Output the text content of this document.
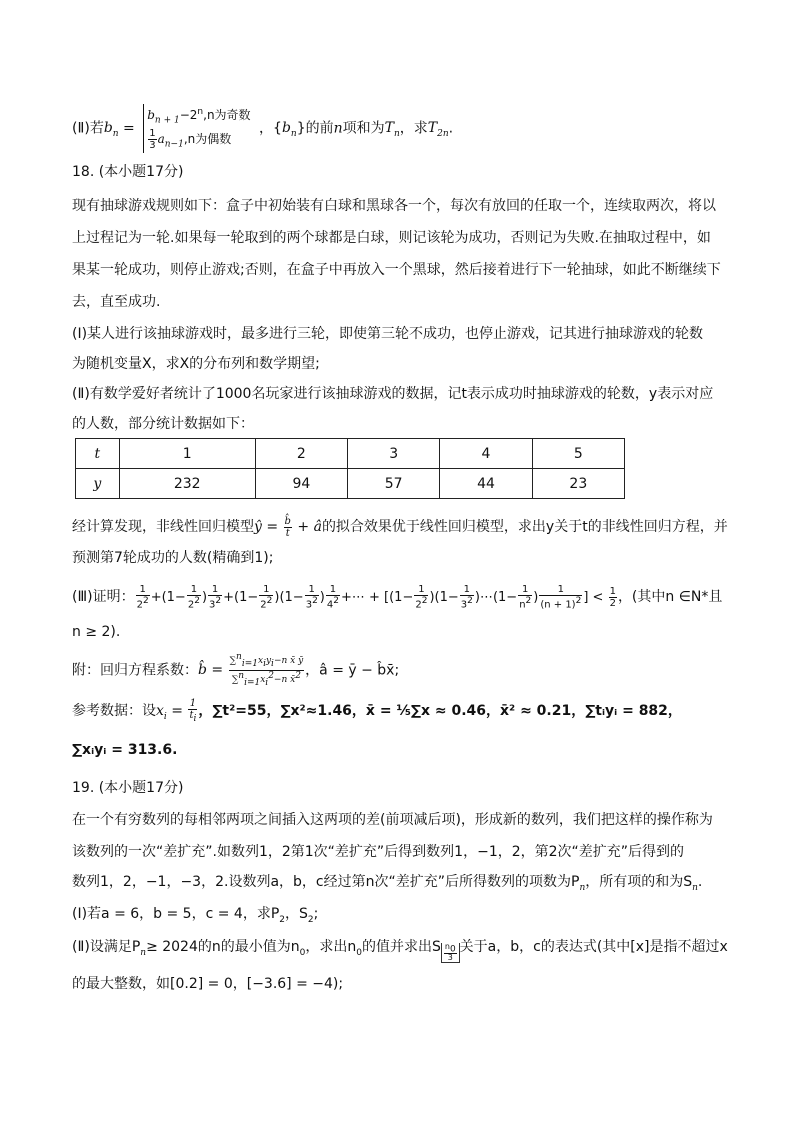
(Ⅱ)若$b_n$ =
$b_{n + 1}-2^n,n$为奇数
$\frac{1}{3} a_{n-1},n$为偶数
，$\{b_n\}$的前n项和为$T_n$，求$T_{2n}$.
18. (本小题17分)
现有抽球游戏规则如下：盒子中初始装有白球和黑球各一个，每次有放回的任取一个，连续取两次，将以
上过程记为一轮.如果每一轮取到的两个球都是白球，则记该轮为成功，否则记为失败.在抽取过程中，如
果某一轮成功，则停止游戏;否则，在盒子中再放入一个黑球，然后接着进行下一轮抽球，如此不断继续下
去，直至成功.
(Ⅰ)某人进行该抽球游戏时，最多进行三轮，即使第三轮不成功，也停止游戏，记其进行抽球游戏的轮数
为随机变量X，求X的分布列和数学期望;
(Ⅱ)有数学爱好者统计了1000名玩家进行该抽球游戏的数据，记t表示成功时抽球游戏的轮数，y表示对应
的人数，部分统计数据如下：
t	1	2	3	4	5
y	232	94	57	44	23
经计算发现，非线性回归模型ŷ = $\frac{b̂}{t}$ + â的拟合效果优于线性回归模型，求出y关于t的非线性回归方程，并
预测第7轮成功的人数(精确到1);
(Ⅲ)证明： $\frac{1}{2^2} +(1- \frac{1}{2^2}$ ) $\frac{1}{3^2} +(1- \frac{1}{2^2} )(1- \frac{1}{3^2}$ ) $\frac{1}{4^2}$ +⋯ + [$(1- \frac{1}{2^2} )(1- \frac{1}{3^2}$ )⋯(1− $\frac{1}{n^2}$ ) $\frac{1}{(n + 1)^2}$ ] < $\frac{1}{2}$ ，(其中n ∈N*且
n ≥ 2).
附：回归方程系数：b̂ = $\frac{\sum^n_{i=1}x_iy_i-n x̄ ȳ}{\sum^n_{i=1}x_i^2-n x̄^2}$ ，â = ȳ − b̂x̄;
参考数据：设$x_i = \frac{1}{t_i}$ ，∑t²=55，∑x²≈1.46，x̄ = ⅕∑x ≈ 0.46，x̄² ≈ 0.21，∑tᵢyᵢ = 882，
∑xᵢyᵢ = 313.6.
19. (本小题17分)
在一个有穷数列的每相邻两项之间插入这两项的差(前项减后项)，形成新的数列，我们把这样的操作称为
该数列的一次“差扩充”.如数列1，2第1次“差扩充”后得到数列1，−1，2，第2次“差扩充”后得到的
数列1，2，−1，−3，2.设数列a，b，c经过第n次“差扩充”后所得数列的项数为$P_n$，所有项的和为$S_n$.
(Ⅰ)若a = 6，b = 5，c = 4，求$P_2$，$S_2$;
(Ⅱ)设满足$P_n\ge 2024$的n的最小值为$n_0$，求出$n_0$的值并求出S $_{\frac{n_0}{3}}$ 关于a，b，c的表达式(其中[x]是指不超过x
的最大整数，如[0.2] = 0，[−3.6] = −4);
